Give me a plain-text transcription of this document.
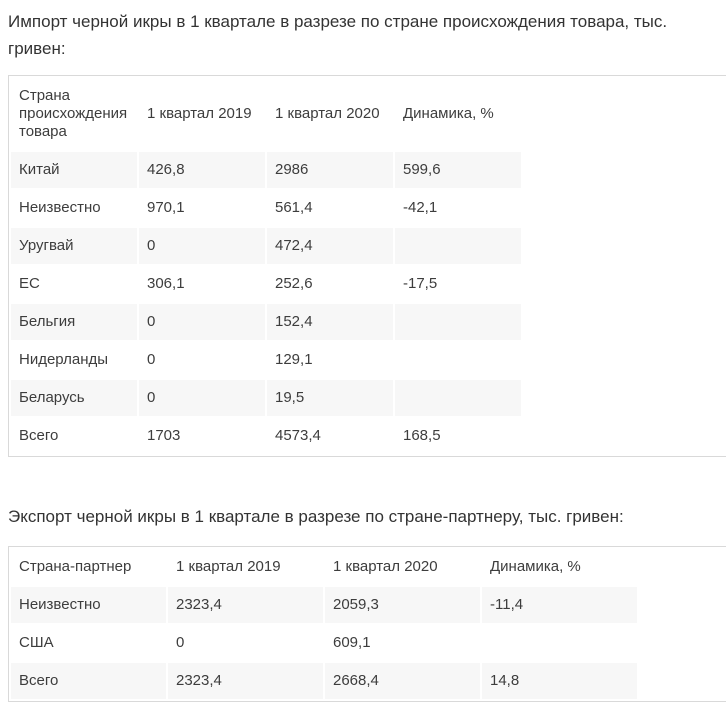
Импорт черной икры в 1 квартале в разрезе по стране происхождения товара, тыс. гривен:

Страна происхождения товара	1 квартал 2019	1 квартал 2020	Динамика, %
Китай	426,8	2986	599,6
Неизвестно	970,1	561,4	-42,1
Уругвай	0	472,4	
ЕС	306,1	252,6	-17,5
Бельгия	0	152,4	
Нидерланды	0	129,1	
Беларусь	0	19,5	
Всего	1703	4573,4	168,5

Экспорт черной икры в 1 квартале в разрезе по стране-партнеру, тыс. гривен:

Страна-партнер	1 квартал 2019	1 квартал 2020	Динамика, %
Неизвестно	2323,4	2059,3	-11,4
США	0	609,1	
Всего	2323,4	2668,4	14,8
